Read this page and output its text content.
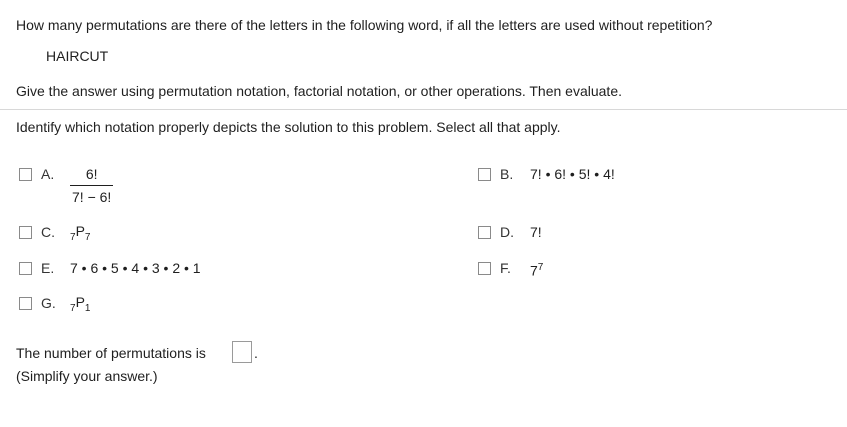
How many permutations are there of the letters in the following word, if all the letters are used without repetition?
HAIRCUT
Give the answer using permutation notation, factorial notation, or other operations. Then evaluate.
Identify which notation properly depicts the solution to this problem. Select all that apply.
A.	6!
7! − 6!
B. 7! • 6! • 5! • 4!
C. $_7P_7$	D. 7!
E. 7 • 6 • 5 • 4 • 3 • 2 • 1	F. $7^7$
G. $_7P_1$
The number of permutations is	.
(Simplify your answer.)
